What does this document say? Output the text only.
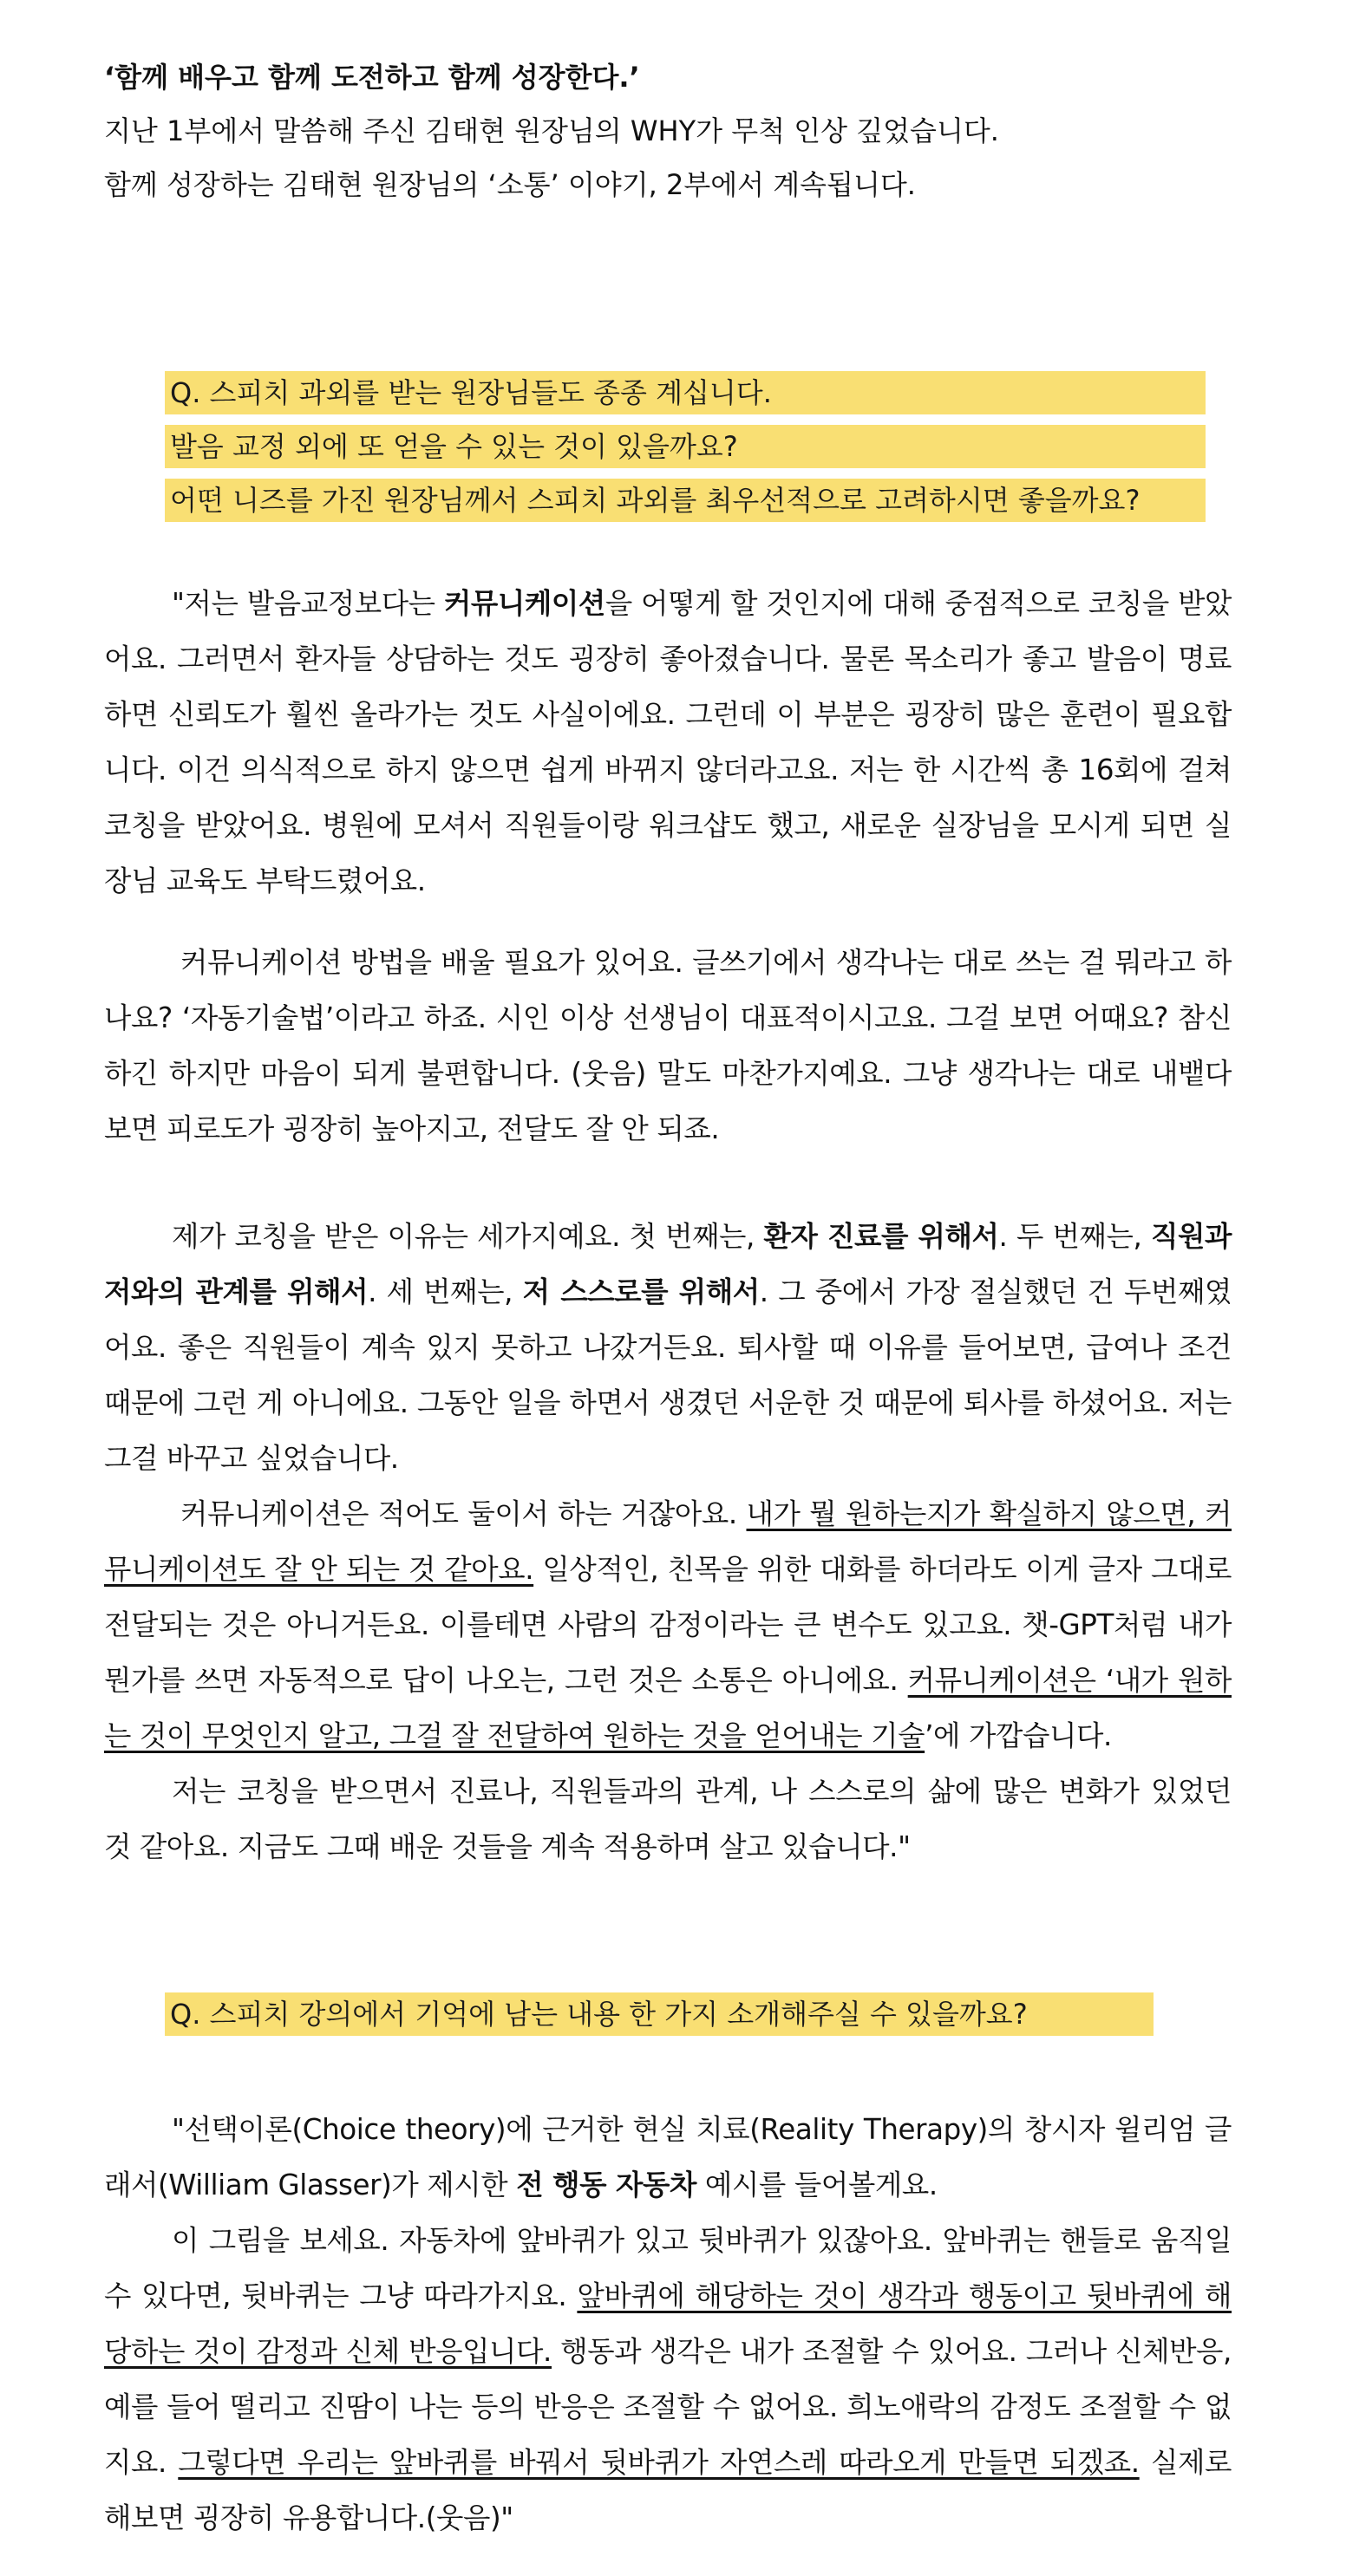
‘함께 배우고 함께 도전하고 함께 성장한다.’
지난 1부에서 말씀해 주신 김태현 원장님의 WHY가 무척 인상 깊었습니다.
함께 성장하는 김태현 원장님의 ‘소통’ 이야기, 2부에서 계속됩니다.
Q. 스피치 과외를 받는 원장님들도 종종 계십니다.
발음 교정 외에 또 얻을 수 있는 것이 있을까요?
어떤 니즈를 가진 원장님께서 스피치 과외를 최우선적으로 고려하시면 좋을까요?

"저는 발음교정보다는 커뮤니케이션을 어떻게 할 것인지에 대해 중점적으로 코칭을 받았어요. 그러면서 환자들 상담하는 것도 굉장히 좋아졌습니다. 물론 목소리가 좋고 발음이 명료하면 신뢰도가 훨씬 올라가는 것도 사실이에요. 그런데 이 부분은 굉장히 많은 훈련이 필요합니다. 이건 의식적으로 하지 않으면 쉽게 바뀌지 않더라고요. 저는 한 시간씩 총 16회에 걸쳐 코칭을 받았어요. 병원에 모셔서 직원들이랑 워크샵도 했고, 새로운 실장님을 모시게 되면 실장님 교육도 부탁드렸어요.

커뮤니케이션 방법을 배울 필요가 있어요. 글쓰기에서 생각나는 대로 쓰는 걸 뭐라고 하나요? ‘자동기술법’이라고 하죠. 시인 이상 선생님이 대표적이시고요. 그걸 보면 어때요? 참신하긴 하지만 마음이 되게 불편합니다. (웃음) 말도 마찬가지예요. 그냥 생각나는 대로 내뱉다 보면 피로도가 굉장히 높아지고, 전달도 잘 안 되죠.

제가 코칭을 받은 이유는 세가지예요. 첫 번째는, 환자 진료를 위해서. 두 번째는, 직원과 저와의 관계를 위해서. 세 번째는, 저 스스로를 위해서. 그 중에서 가장 절실했던 건 두번째였어요. 좋은 직원들이 계속 있지 못하고 나갔거든요. 퇴사할 때 이유를 들어보면, 급여나 조건 때문에 그런 게 아니에요. 그동안 일을 하면서 생겼던 서운한 것 때문에 퇴사를 하셨어요. 저는 그걸 바꾸고 싶었습니다.

커뮤니케이션은 적어도 둘이서 하는 거잖아요. 내가 뭘 원하는지가 확실하지 않으면, 커뮤니케이션도 잘 안 되는 것 같아요. 일상적인, 친목을 위한 대화를 하더라도 이게 글자 그대로 전달되는 것은 아니거든요. 이를테면 사람의 감정이라는 큰 변수도 있고요. 챗-GPT처럼 내가 뭔가를 쓰면 자동적으로 답이 나오는, 그런 것은 소통은 아니에요. 커뮤니케이션은 ‘내가 원하는 것이 무엇인지 알고, 그걸 잘 전달하여 원하는 것을 얻어내는 기술’에 가깝습니다.

저는 코칭을 받으면서 진료나, 직원들과의 관계, 나 스스로의 삶에 많은 변화가 있었던 것 같아요. 지금도 그때 배운 것들을 계속 적용하며 살고 있습니다."

Q. 스피치 강의에서 기억에 남는 내용 한 가지 소개해주실 수 있을까요?

"선택이론(Choice theory)에 근거한 현실 치료(Reality Therapy)의 창시자 윌리엄 글래서(William Glasser)가 제시한 전 행동 자동차 예시를 들어볼게요.

이 그림을 보세요. 자동차에 앞바퀴가 있고 뒷바퀴가 있잖아요. 앞바퀴는 핸들로 움직일 수 있다면, 뒷바퀴는 그냥 따라가지요. 앞바퀴에 해당하는 것이 생각과 행동이고 뒷바퀴에 해당하는 것이 감정과 신체 반응입니다. 행동과 생각은 내가 조절할 수 있어요. 그러나 신체반응, 예를 들어 떨리고 진땀이 나는 등의 반응은 조절할 수 없어요. 희노애락의 감정도 조절할 수 없지요. 그렇다면 우리는 앞바퀴를 바꿔서 뒷바퀴가 자연스레 따라오게 만들면 되겠죠. 실제로 해보면 굉장히 유용합니다.(웃음)"
